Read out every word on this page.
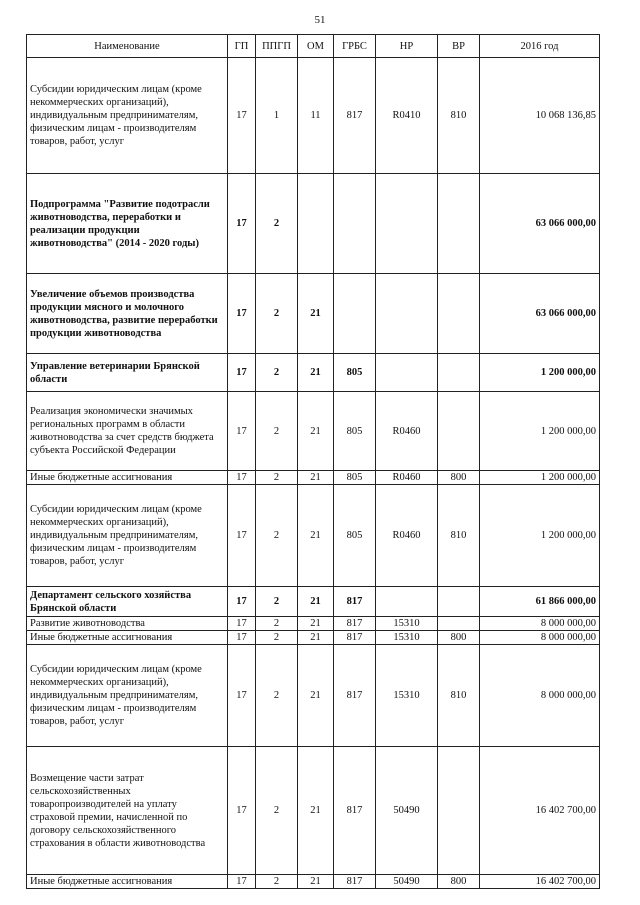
51
Наименование	ГП	ППГП	ОМ	ГРБС	НР	ВР	2016 год
Субсидии юридическим лицам (кроме некоммерческих организаций), индивидуальным предпринимателям, физическим лицам - производителям товаров, работ, услуг	17	1	11	817	R0410	810	10 068 136,85
Подпрограмма "Развитие подотрасли животноводства, переработки и реализации продукции животноводства" (2014 - 2020 годы)	17	2					63 066 000,00
Увеличение объемов производства продукции мясного и молочного животноводства, развитие переработки продукции животноводства	17	2	21				63 066 000,00
Управление ветеринарии Брянской области	17	2	21	805			1 200 000,00
Реализация экономически значимых региональных программ в области животноводства за счет средств бюджета субъекта Российской Федерации	17	2	21	805	R0460		1 200 000,00
Иные бюджетные ассигнования	17	2	21	805	R0460	800	1 200 000,00
Субсидии юридическим лицам (кроме некоммерческих организаций), индивидуальным предпринимателям, физическим лицам - производителям товаров, работ, услуг	17	2	21	805	R0460	810	1 200 000,00
Департамент сельского хозяйства Брянской области	17	2	21	817			61 866 000,00
Развитие животноводства	17	2	21	817	15310		8 000 000,00
Иные бюджетные ассигнования	17	2	21	817	15310	800	8 000 000,00
Субсидии юридическим лицам (кроме некоммерческих организаций), индивидуальным предпринимателям, физическим лицам - производителям товаров, работ, услуг	17	2	21	817	15310	810	8 000 000,00
Возмещение части затрат сельскохозяйственных товаропроизводителей на уплату страховой премии, начисленной по договору сельскохозяйственного страхования в области животноводства	17	2	21	817	50490		16 402 700,00
Иные бюджетные ассигнования	17	2	21	817	50490	800	16 402 700,00
